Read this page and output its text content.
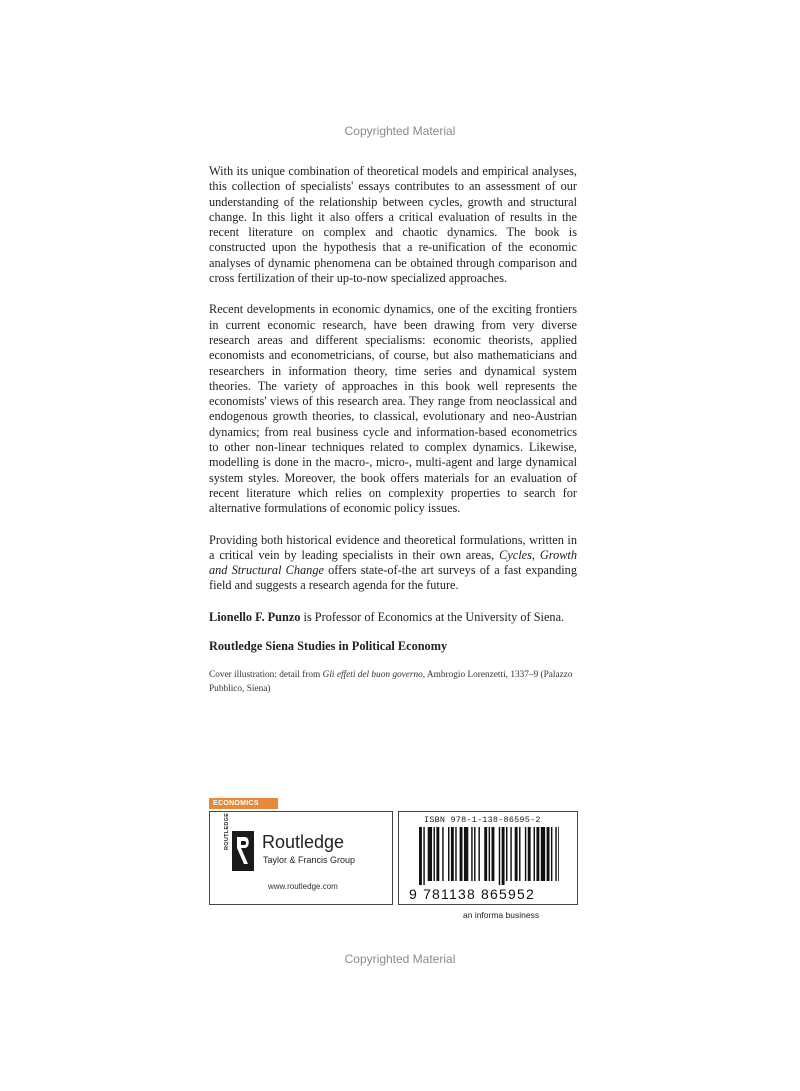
Copyrighted Material

With its unique combination of theoretical models and empirical analyses, this collection of specialists' essays contributes to an assessment of our understanding of the relationship between cycles, growth and structural change. In this light it also offers a critical evaluation of results in the recent literature on complex and chaotic dynamics. The book is constructed upon the hypothesis that a re-unification of the economic analyses of dynamic phenomena can be obtained through comparison and cross fertilization of their up-to-now specialized approaches.

Recent developments in economic dynamics, one of the exciting frontiers in current economic research, have been drawing from very diverse research areas and different specialisms: economic theorists, applied economists and econometricians, of course, but also mathematicians and researchers in information theory, time series and dynamical system theories. The variety of approaches in this book well represents the economists' views of this research area. They range from neoclassical and endogenous growth theories, to classical, evolutionary and neo-Austrian dynamics; from real business cycle and information-based econometrics to other non-linear techniques related to complex dynamics. Likewise, modelling is done in the macro-, micro-, multi-agent and large dynamical system styles. Moreover, the book offers materials for an evaluation of recent literature which relies on complexity properties to search for alternative formulations of economic policy issues.

Providing both historical evidence and theoretical formulations, written in a critical vein by leading specialists in their own areas, Cycles, Growth and Structural Change offers state-of-the art surveys of a fast expanding field and suggests a research agenda for the future.

Lionello F. Punzo is Professor of Economics at the University of Siena.

Routledge Siena Studies in Political Economy

Cover illustration: detail from Gli effeti del buon governo, Ambrogio Lorenzetti, 1337–9 (Palazzo Pubblico, Siena)

ECONOMICS
ROUTLEDGE Routledge
Taylor & Francis Group
www.routledge.com
ISBN 978-1-138-86595-2
9 781138 865952
an informa business
Copyrighted Material
